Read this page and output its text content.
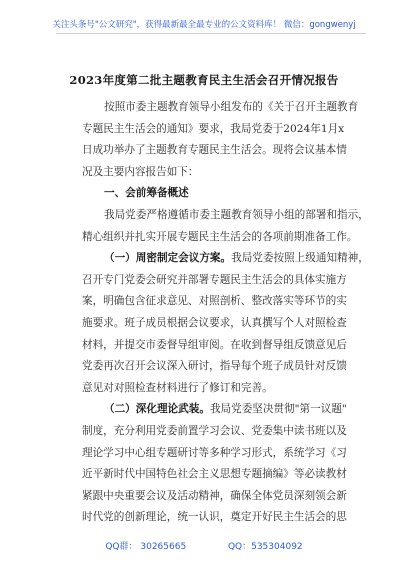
关注头条号"公文研究"，获得最新最全最专业的公文资料库！ 微信：gongwenyj
2023年度第二批主题教育民主生活会召开情况报告
按照市委主题教育领导小组发布的《关于召开主题教育
专题民主生活会的通知》要求，我局党委于2024年1月x
日成功举办了主题教育专题民主生活会。现将会议基本情
况及主要内容报告如下：
一、会前筹备概述
我局党委严格遵循市委主题教育领导小组的部署和指示，
精心组织并扎实开展专题民主生活会的各项前期准备工作。
（一）周密制定会议方案。我局党委按照上级通知精神，
召开专门党委会研究并部署专题民主生活会的具体实施方
案，明确包含征求意见、对照剖析、整改落实等环节的实
施要求。班子成员根据会议要求，认真撰写个人对照检查
材料，并提交市委督导组审阅。在收到督导组反馈意见后
党委再次召开会议深入研讨，指导每个班子成员针对反馈
意见对对照检查材料进行了修订和完善。
（二）深化理论武装。我局党委坚决贯彻"第一议题"
制度，充分利用党委前置学习会议、党委集中读书班以及
理论学习中心组专题研讨等多种学习形式，系统学习《习
近平新时代中国特色社会主义思想专题摘编》等必读教材
紧跟中央重要会议及活动精神，确保全体党员深刻领会新
时代党的创新理论，统一认识，奠定开好民主生活会的思
QQ群： 30265665	QQ：535304092
